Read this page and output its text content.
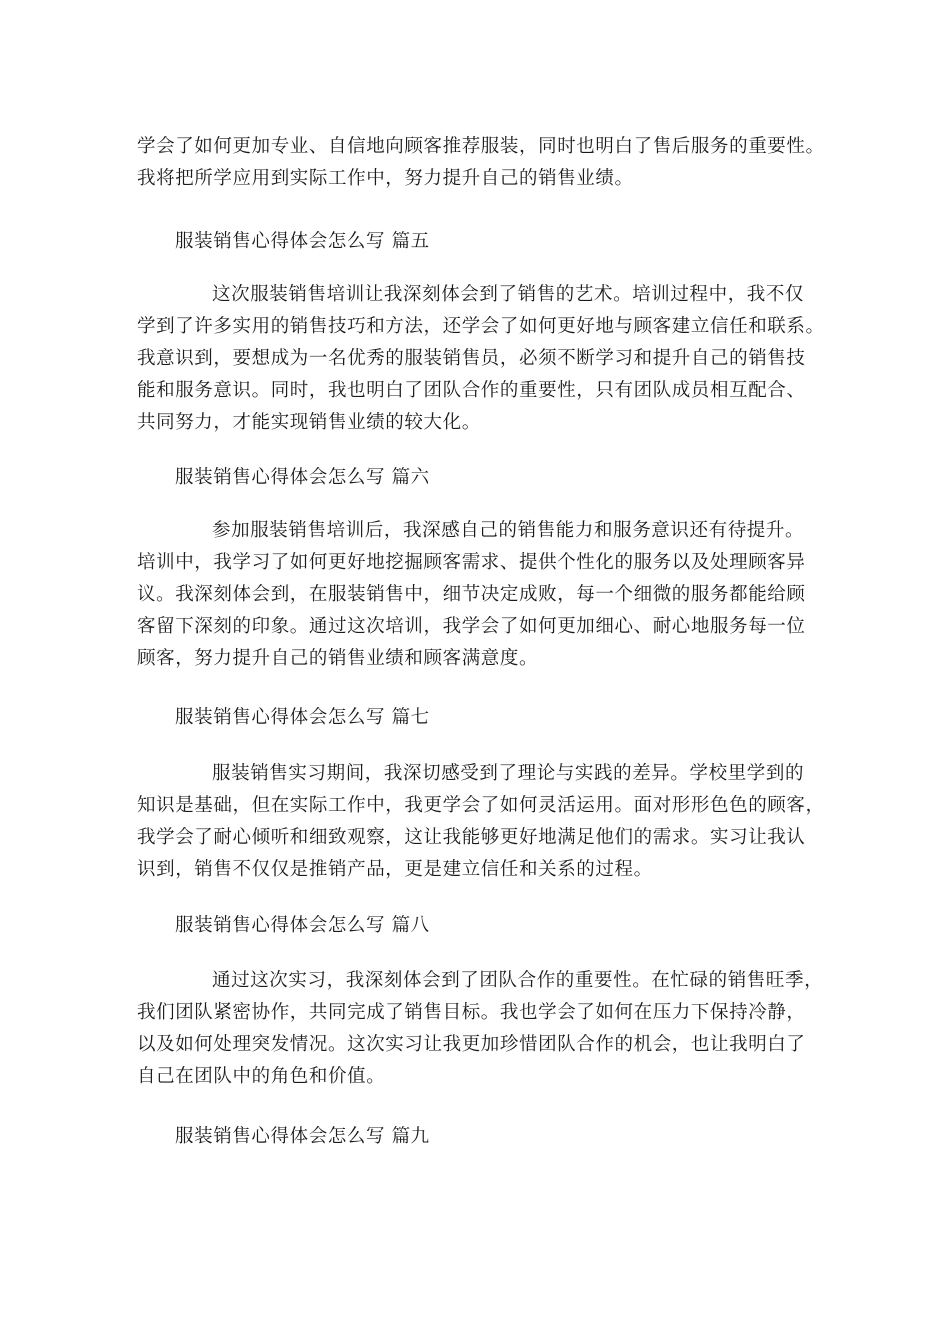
学会了如何更加专业、自信地向顾客推荐服装，同时也明白了售后服务的重要性。
我将把所学应用到实际工作中，努力提升自己的销售业绩。

服装销售心得体会怎么写 篇五

这次服装销售培训让我深刻体会到了销售的艺术。培训过程中，我不仅
学到了许多实用的销售技巧和方法，还学会了如何更好地与顾客建立信任和联系。
我意识到，要想成为一名优秀的服装销售员，必须不断学习和提升自己的销售技
能和服务意识。同时，我也明白了团队合作的重要性，只有团队成员相互配合、
共同努力，才能实现销售业绩的较大化。

服装销售心得体会怎么写 篇六

参加服装销售培训后，我深感自己的销售能力和服务意识还有待提升。
培训中，我学习了如何更好地挖掘顾客需求、提供个性化的服务以及处理顾客异
议。我深刻体会到，在服装销售中，细节决定成败，每一个细微的服务都能给顾
客留下深刻的印象。通过这次培训，我学会了如何更加细心、耐心地服务每一位
顾客，努力提升自己的销售业绩和顾客满意度。

服装销售心得体会怎么写 篇七

服装销售实习期间，我深切感受到了理论与实践的差异。学校里学到的
知识是基础，但在实际工作中，我更学会了如何灵活运用。面对形形色色的顾客，
我学会了耐心倾听和细致观察，这让我能够更好地满足他们的需求。实习让我认
识到，销售不仅仅是推销产品，更是建立信任和关系的过程。

服装销售心得体会怎么写 篇八

通过这次实习，我深刻体会到了团队合作的重要性。在忙碌的销售旺季，
我们团队紧密协作，共同完成了销售目标。我也学会了如何在压力下保持冷静，
以及如何处理突发情况。这次实习让我更加珍惜团队合作的机会，也让我明白了
自己在团队中的角色和价值。

服装销售心得体会怎么写 篇九
